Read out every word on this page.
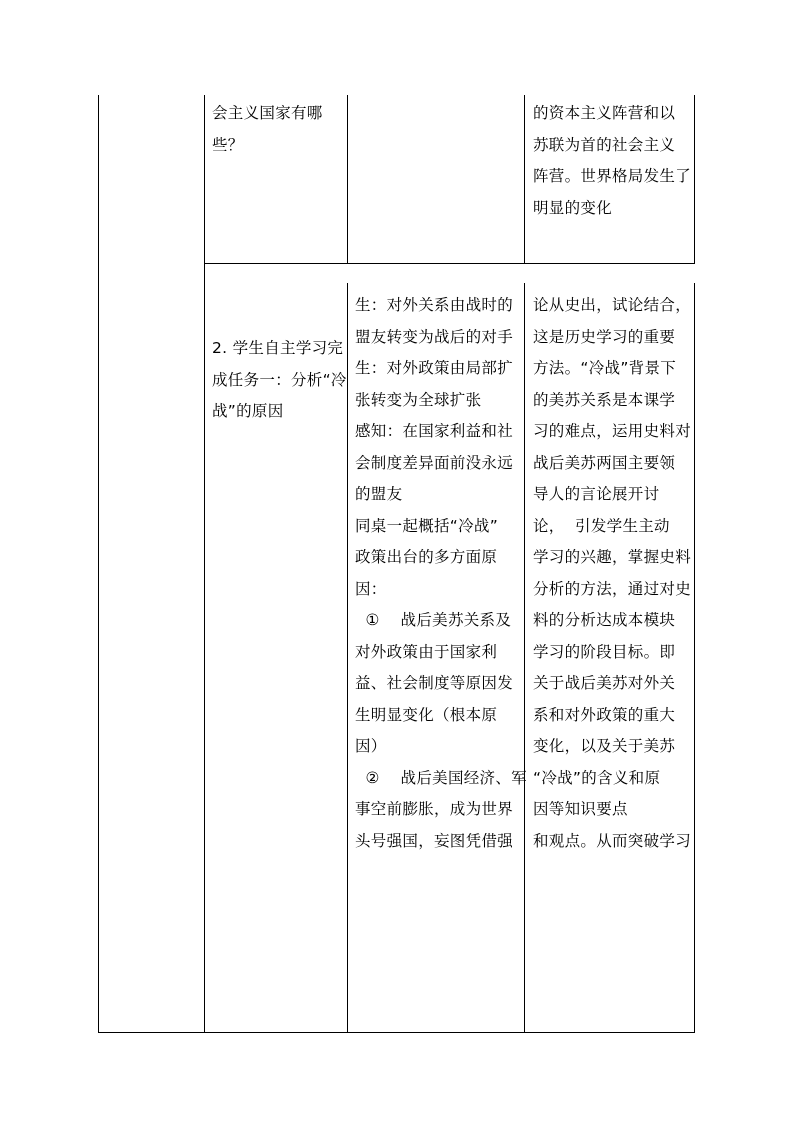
会主义国家有哪
些？
的资本主义阵营和以
苏联为首的社会主义
阵营。世界格局发生了
明显的变化
2. 学生自主学习完
成任务一：分析“冷
战”的原因
生：对外关系由战时的
盟友转变为战后的对手
生：对外政策由局部扩
张转变为全球扩张
感知：在国家利益和社
会制度差异面前没永远
的盟友
同桌一起概括“冷战”
政策出台的多方面原
因：
①    战后美苏关系及
对外政策由于国家利
益、社会制度等原因发
生明显变化（根本原
因）
②    战后美国经济、军
事空前膨胀，成为世界
头号强国，妄图凭借强
论从史出，试论结合，
这是历史学习的重要
方法。“冷战”背景下
的美苏关系是本课学
习的难点，运用史料对
战后美苏两国主要领
导人的言论展开讨
论，  引发学生主动
学习的兴趣，掌握史料
分析的方法，通过对史
料的分析达成本模块
学习的阶段目标。即
关于战后美苏对外关
系和对外政策的重大
变化，以及关于美苏
“冷战”的含义和原
因等知识要点
和观点。从而突破学习
